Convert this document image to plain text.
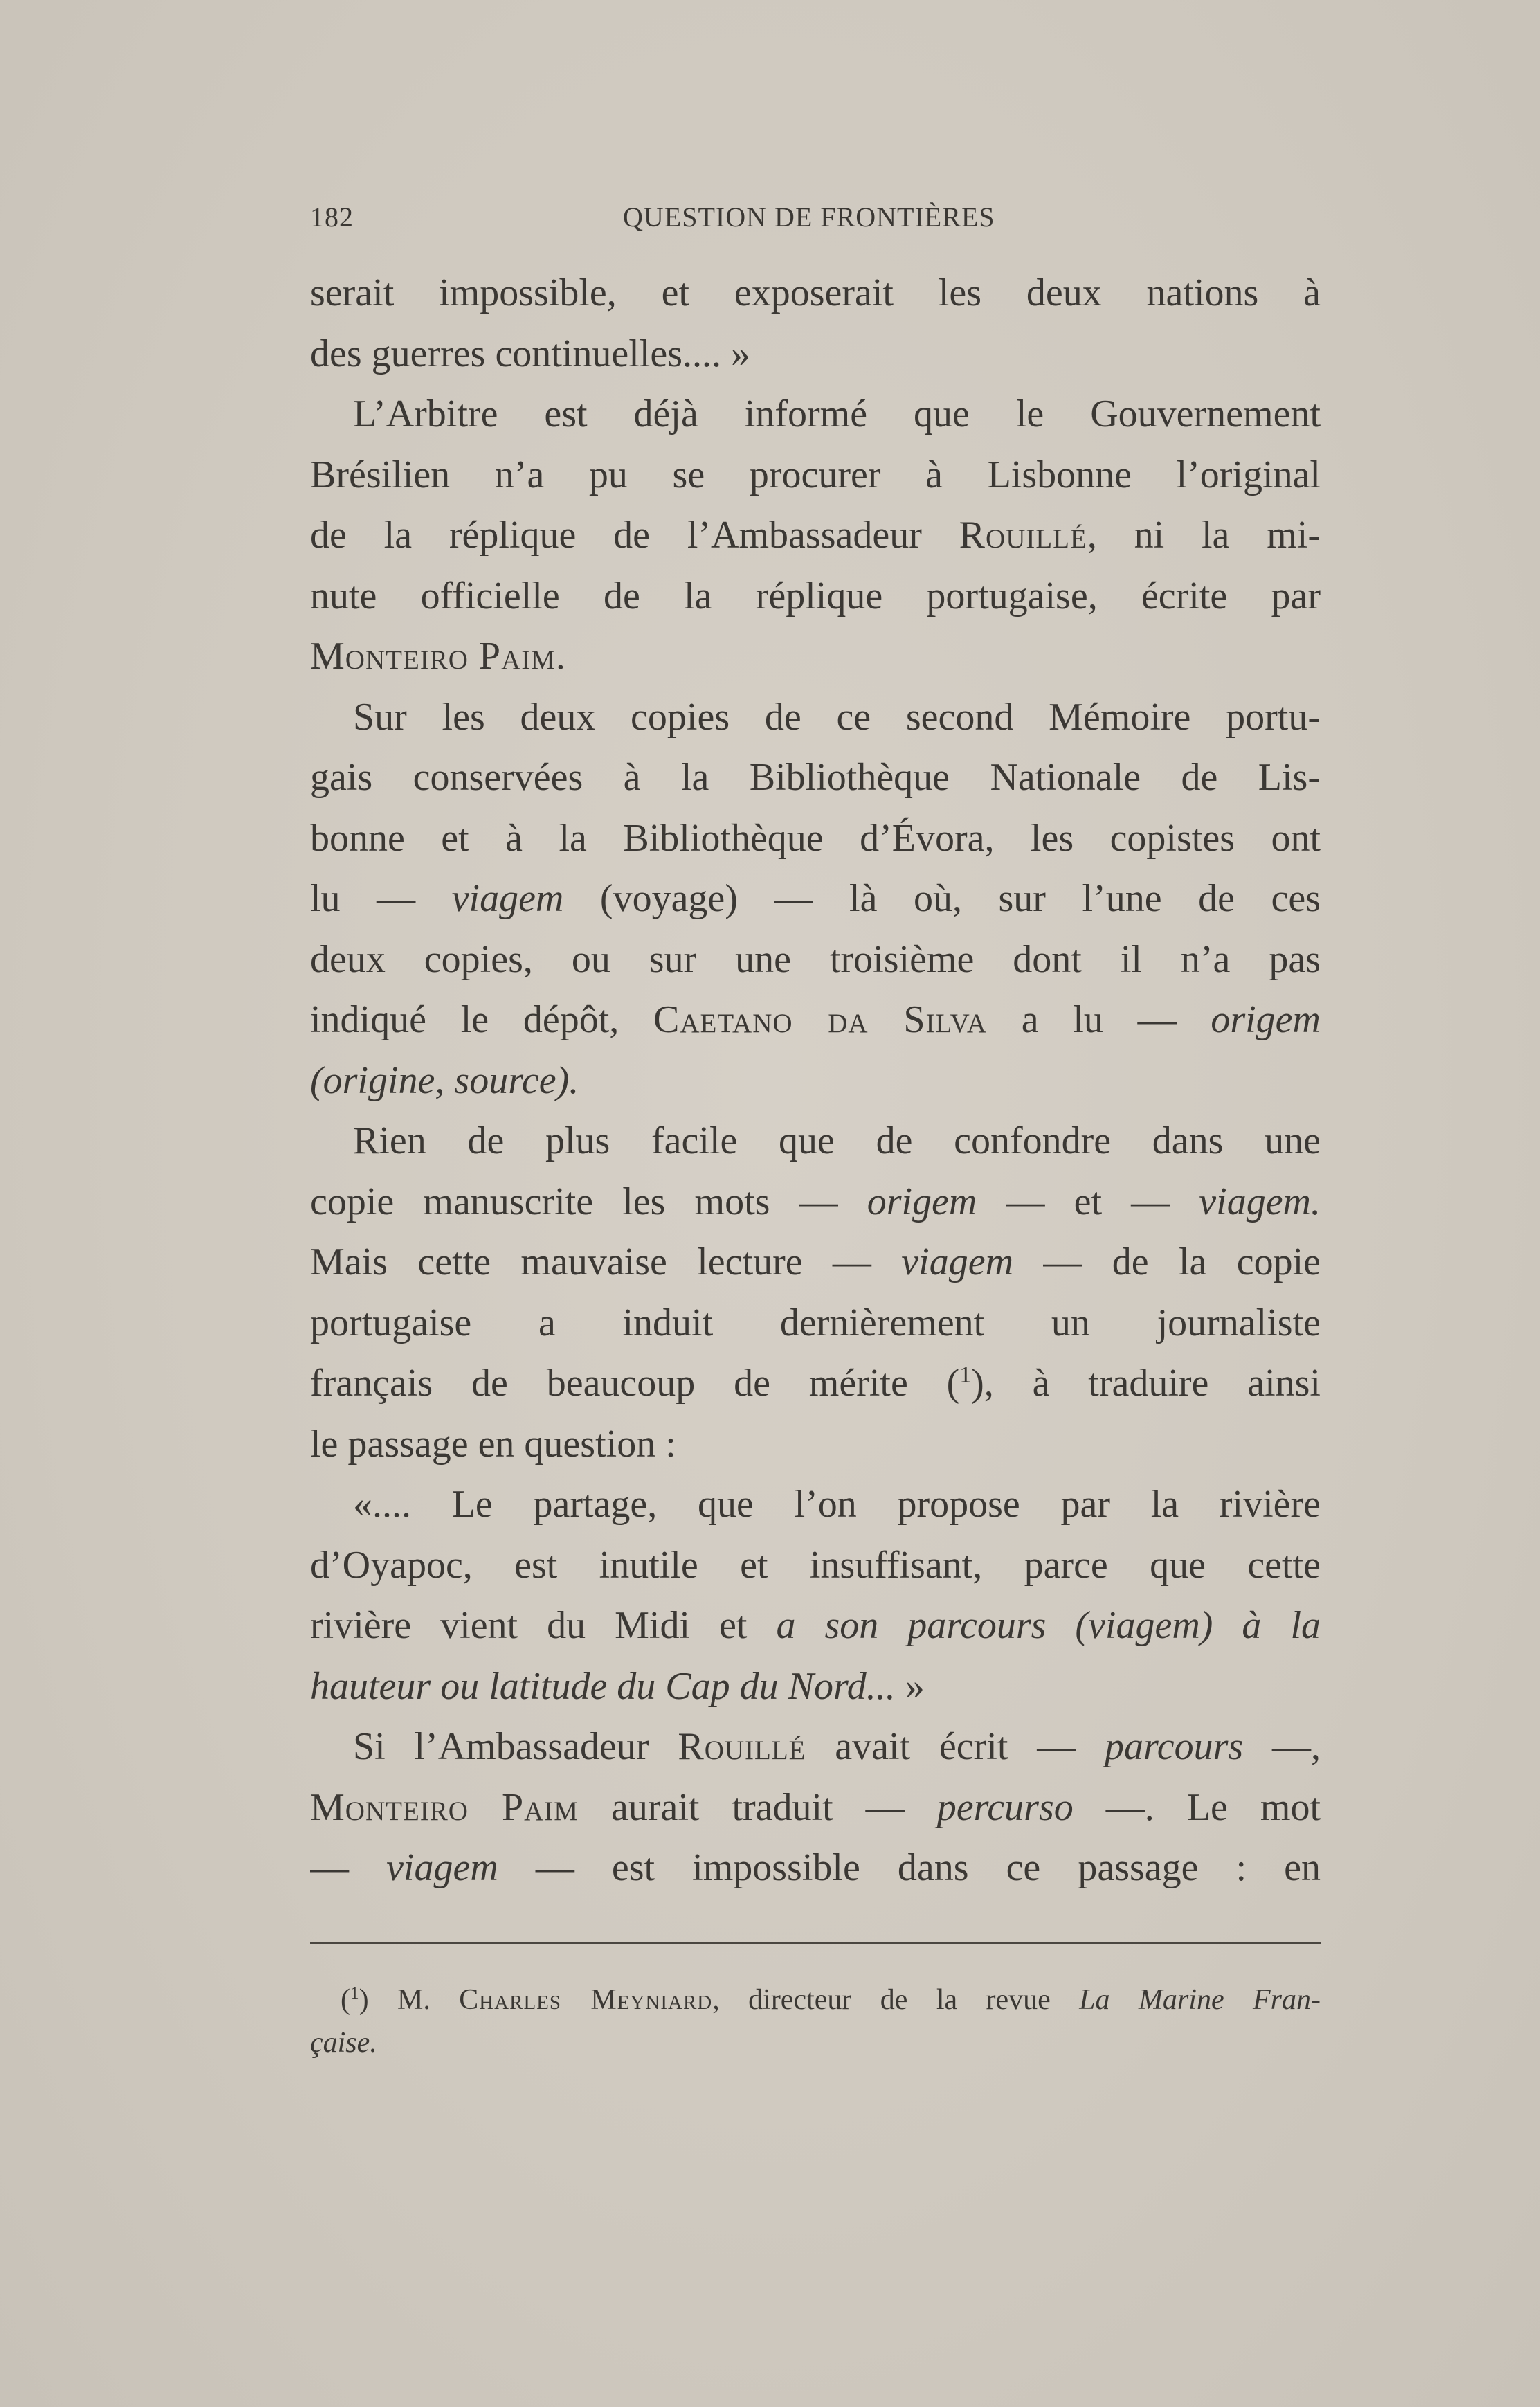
182	QUESTION DE FRONTIÈRES
serait impossible, et exposerait les deux nations à
des guerres continuelles.... »
L’Arbitre est déjà informé que le Gouvernement
Brésilien n’a pu se procurer à Lisbonne l’original
de la réplique de l’Ambassadeur Rouillé, ni la mi-
nute officielle de la réplique portugaise, écrite par
Monteiro Paim.
Sur les deux copies de ce second Mémoire portu-
gais conservées à la Bibliothèque Nationale de Lis-
bonne et à la Bibliothèque d’Évora, les copistes ont
lu — viagem (voyage) — là où, sur l’une de ces
deux copies, ou sur une troisième dont il n’a pas
indiqué le dépôt, Caetano da Silva a lu — origem
(origine, source).
Rien de plus facile que de confondre dans une
copie manuscrite les mots — origem — et — viagem.
Mais cette mauvaise lecture — viagem — de la copie
portugaise a induit dernièrement un journaliste
français de beaucoup de mérite ($^1$), à traduire ainsi
le passage en question :
«.... Le partage, que l’on propose par la rivière
d’Oyapoc, est inutile et insuffisant, parce que cette
rivière vient du Midi et a son parcours (viagem) à la
hauteur ou latitude du Cap du Nord... »
Si l’Ambassadeur Rouillé avait écrit — parcours —,
Monteiro Paim aurait traduit — percurso —. Le mot
— viagem — est impossible dans ce passage : en
($^1$) M. Charles Meyniard, directeur de la revue La Marine Fran-
çaise.
